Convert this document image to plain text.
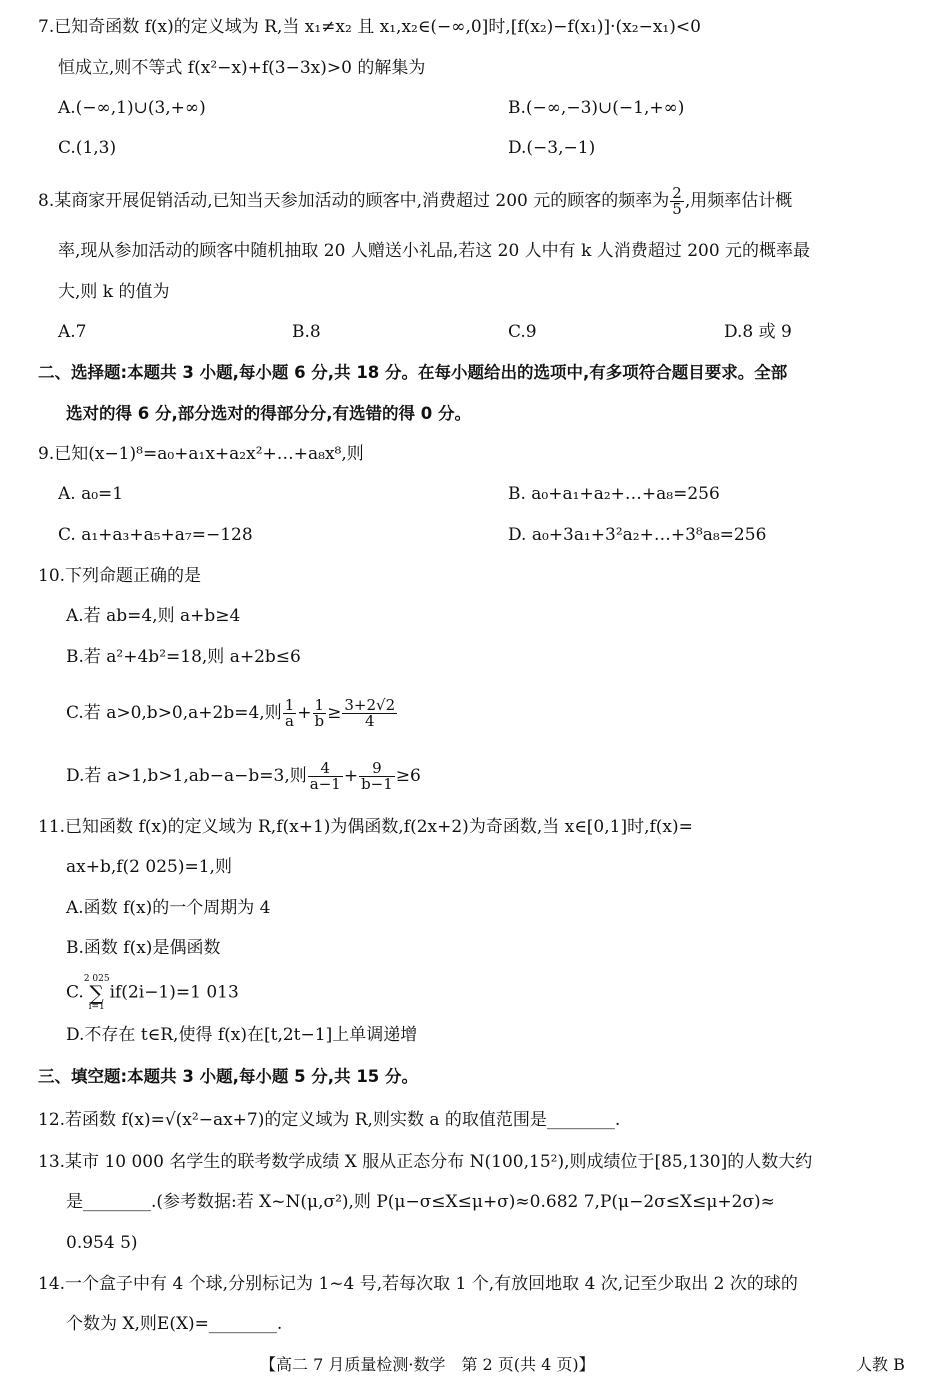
7.已知奇函数 f(x)的定义域为 R,当 x₁≠x₂ 且 x₁,x₂∈(−∞,0]时,[f(x₂)−f(x₁)]·(x₂−x₁)<0
恒成立,则不等式 f(x²−x)+f(3−3x)>0 的解集为
A.(−∞,1)∪(3,+∞)	B.(−∞,−3)∪(−1,+∞)
C.(1,3)	D.(−3,−1)
8.某商家开展促销活动,已知当天参加活动的顾客中,消费超过 200 元的顾客的频率为 $\frac{2}{5}$ ,用频率估计概
率,现从参加活动的顾客中随机抽取 20 人赠送小礼品,若这 20 人中有 k 人消费超过 200 元的概率最
大,则 k 的值为
A.7	B.8	C.9	D.8 或 9
二、选择题:本题共 3 小题,每小题 6 分,共 18 分。在每小题给出的选项中,有多项符合题目要求。全部
选对的得 6 分,部分选对的得部分分,有选错的得 0 分。
9.已知(x−1)⁸=a₀+a₁x+a₂x²+…+a₈x⁸,则
A. a₀=1	B. a₀+a₁+a₂+…+a₈=256
C. a₁+a₃+a₅+a₇=−128	D. a₀+3a₁+3²a₂+…+3⁸a₈=256
10.下列命题正确的是
A.若 ab=4,则 a+b≥4
B.若 a²+4b²=18,则 a+2b≤6
C.若 a>0,b>0,a+2b=4,则 $\frac{1}{a} + \frac{1}{b} \ge \frac{3+2√2}{4}$
D.若 a>1,b>1,ab−a−b=3,则 $\frac{4}{a-1} + \frac{9}{b-1} \ge 6$
11.已知函数 f(x)的定义域为 R,f(x+1)为偶函数,f(2x+2)为奇函数,当 x∈[0,1]时,f(x)=
ax+b,f(2 025)=1,则
A.函数 f(x)的一个周期为 4
B.函数 f(x)是偶函数
C.
2 025
∑
i=1
if(2i−1)=1 013
D.不存在 t∈R,使得 f(x)在[t,2t−1]上单调递增
三、填空题:本题共 3 小题,每小题 5 分,共 15 分。
12.若函数 f(x)=√(x²−ax+7)的定义域为 R,则实数 a 的取值范围是________.
13.某市 10 000 名学生的联考数学成绩 X 服从正态分布 N(100,15²),则成绩位于[85,130]的人数大约
是________.(参考数据:若 X~N(μ,σ²),则 P(μ−σ≤X≤μ+σ)≈0.682 7,P(μ−2σ≤X≤μ+2σ)≈
0.954 5)
14.一个盒子中有 4 个球,分别标记为 1~4 号,若每次取 1 个,有放回地取 4 次,记至少取出 2 次的球的
个数为 X,则E(X)=________.
【高二 7 月质量检测·数学　第 2 页(共 4 页)】	人教 B
